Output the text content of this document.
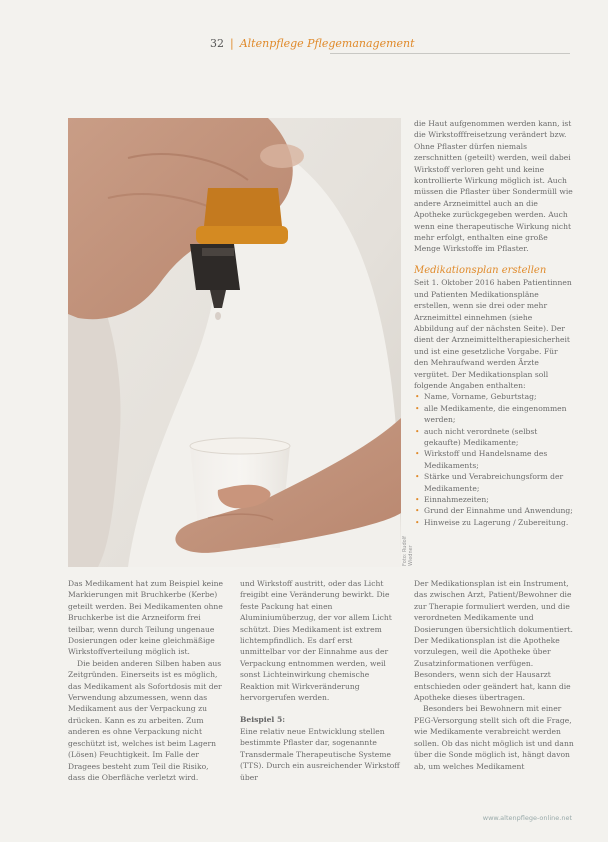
32 | Altenpflege Pflegemanagement
Foto: Rudolf Wiedner

die Haut aufgenommen werden kann, ist die Wirkstofffreisetzung verändert bzw. Ohne Pflaster dürfen niemals zerschnitten (geteilt) werden, weil dabei Wirkstoff verloren geht und keine kontrollierte Wirkung möglich ist. Auch müssen die Pflaster über Sondermüll wie andere Arzneimittel auch an die Apotheke zurückgegeben werden. Auch wenn eine therapeutische Wirkung nicht mehr erfolgt, enthalten eine große Menge Wirkstoffe im Pflaster.

Medikationsplan erstellen

Seit 1. Oktober 2016 haben Patientinnen und Patienten Medikationspläne erstellen, wenn sie drei oder mehr Arzneimittel einnehmen (siehe Abbildung auf der nächsten Seite). Der dient der Arzneimitteltherapiesicherheit und ist eine gesetzliche Vorgabe. Für den Mehraufwand werden Ärzte vergütet. Der Medikationsplan soll folgende Angaben enthalten:

• Name, Vorname, Geburtstag;
• alle Medikamente, die eingenommen werden;
• auch nicht verordnete (selbst gekaufte) Medikamente;
• Wirkstoff und Handelsname des Medikaments;
• Stärke und Verabreichungsform der Medikamente;
• Einnahmezeiten;
• Grund der Einnahme und Anwendung;
• Hinweise zu Lagerung / Zubereitung.

Das Medikament hat zum Beispiel keine Markierungen mit Bruchkerbe (Kerbe) geteilt werden. Bei Medikamenten ohne Bruchkerbe ist die Arzneiform frei teilbar, wenn durch Teilung ungenaue Dosierungen oder keine gleichmäßige Wirkstoffverteilung möglich ist.

Die beiden anderen Silben haben aus Zeitgründen. Einerseits ist es möglich, das Medikament als Sofortdosis mit der Verwendung abzumessen, wenn das Medikament aus der Verpackung zu drücken. Kann es zu arbeiten. Zum anderen es ohne Verpackung nicht geschützt ist, welches ist beim Lagern (Lösen) Feuchtigkeit. Im Falle der Dragees besteht zum Teil die Risiko, dass die Oberfläche verletzt wird.

und Wirkstoff austritt, oder das Licht freigibt eine Veränderung bewirkt. Die feste Packung hat einen Aluminiumüberzug, der vor allem Licht schützt. Dies Medikament ist extrem lichtempfindlich. Es darf erst unmittelbar vor der Einnahme aus der Verpackung entnommen werden, weil sonst Lichteinwirkung chemische Reaktion mit Wirkveränderung hervorgerufen werden.

Beispiel 5:

Eine relativ neue Entwicklung stellen bestimmte Pflaster dar, sogenannte Transdermale Therapeutische Systeme (TTS). Durch ein ausreichender Wirkstoff über

Der Medikationsplan ist ein Instrument, das zwischen Arzt, Patient/Bewohner die zur Therapie formuliert werden, und die verordneten Medikamente und Dosierungen übersichtlich dokumentiert. Der Medikationsplan ist die Apotheke vorzulegen, weil die Apotheke über Zusatzinformationen verfügen. Besonders, wenn sich der Hausarzt entschieden oder geändert hat, kann die Apotheke dieses übertragen.

Besonders bei Bewohnern mit einer PEG-Versorgung stellt sich oft die Frage, wie Medikamente verabreicht werden sollen. Ob das nicht möglich ist und dann über die Sonde möglich ist, hängt davon ab, um welches Medikament

www.altenpflege-online.net
